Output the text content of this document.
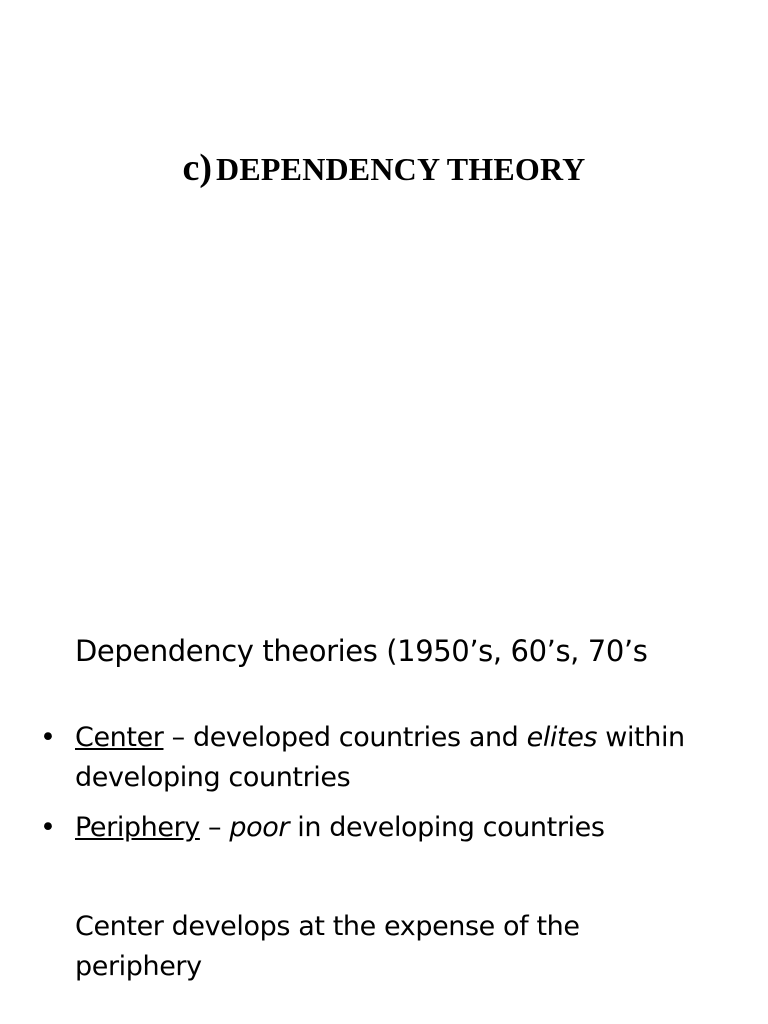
c) DEPENDENCY THEORY
Dependency theories (1950’s, 60’s, 70’s
• Center – developed countries and elites within developing countries
• Periphery – poor in developing countries
Center develops at the expense of the periphery
